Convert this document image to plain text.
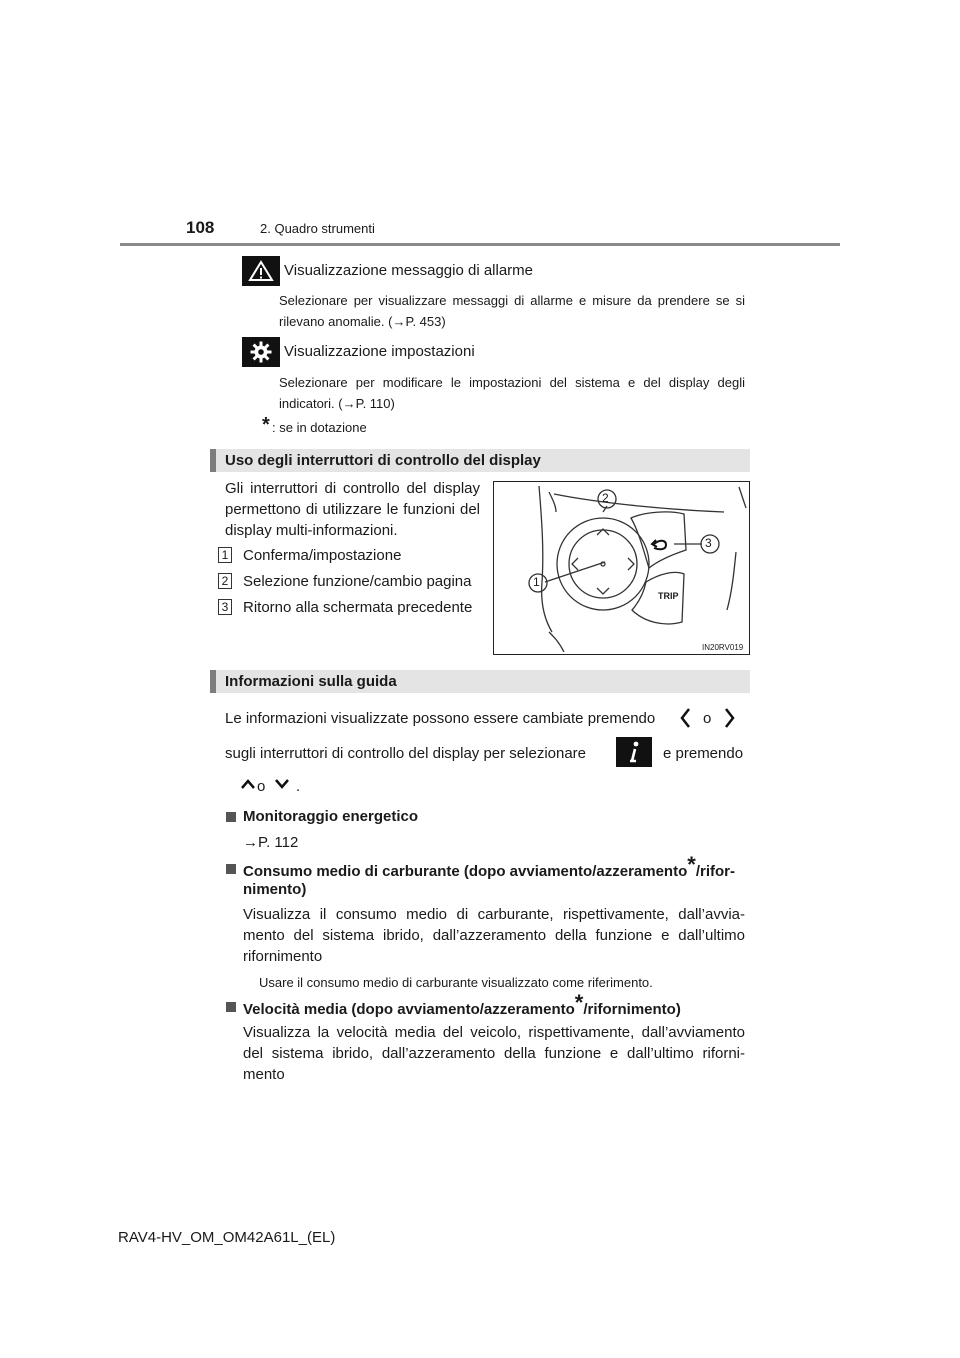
108	2. Quadro strumenti
Visualizzazione messaggio di allarme
Selezionare per visualizzare messaggi di allarme e misure da prendere se si
rilevano anomalie. (→P. 453)
Visualizzazione impostazioni
Selezionare per modificare le impostazioni del sistema e del display degli
indicatori. (→P. 110)
* : se in dotazione
Uso degli interruttori di controllo del display
Gli interruttori di controllo del display
permettono di utilizzare le funzioni del
display multi-informazioni.
1 Conferma/impostazione
2 Selezione funzione/cambio pagina
3 Ritorno alla schermata precedente
1
2
3
TRIP
IN20RV019
Informazioni sulla guida
Le informazioni visualizzate possono essere cambiate premendo	o
sugli interruttori di controllo del display per selezionare	e premendo
o .
Monitoraggio energetico
→P. 112
Consumo medio di carburante (dopo avviamento/azzeramento*/rifor-
nimento)
Visualizza il consumo medio di carburante, rispettivamente, dall’avvia-
mento del sistema ibrido, dall’azzeramento della funzione e dall’ultimo
rifornimento
Usare il consumo medio di carburante visualizzato come riferimento.
Velocità media (dopo avviamento/azzeramento*/rifornimento)
Visualizza la velocità media del veicolo, rispettivamente, dall’avviamento
del sistema ibrido, dall’azzeramento della funzione e dall’ultimo riforni-
mento
RAV4-HV_OM_OM42A61L_(EL)
